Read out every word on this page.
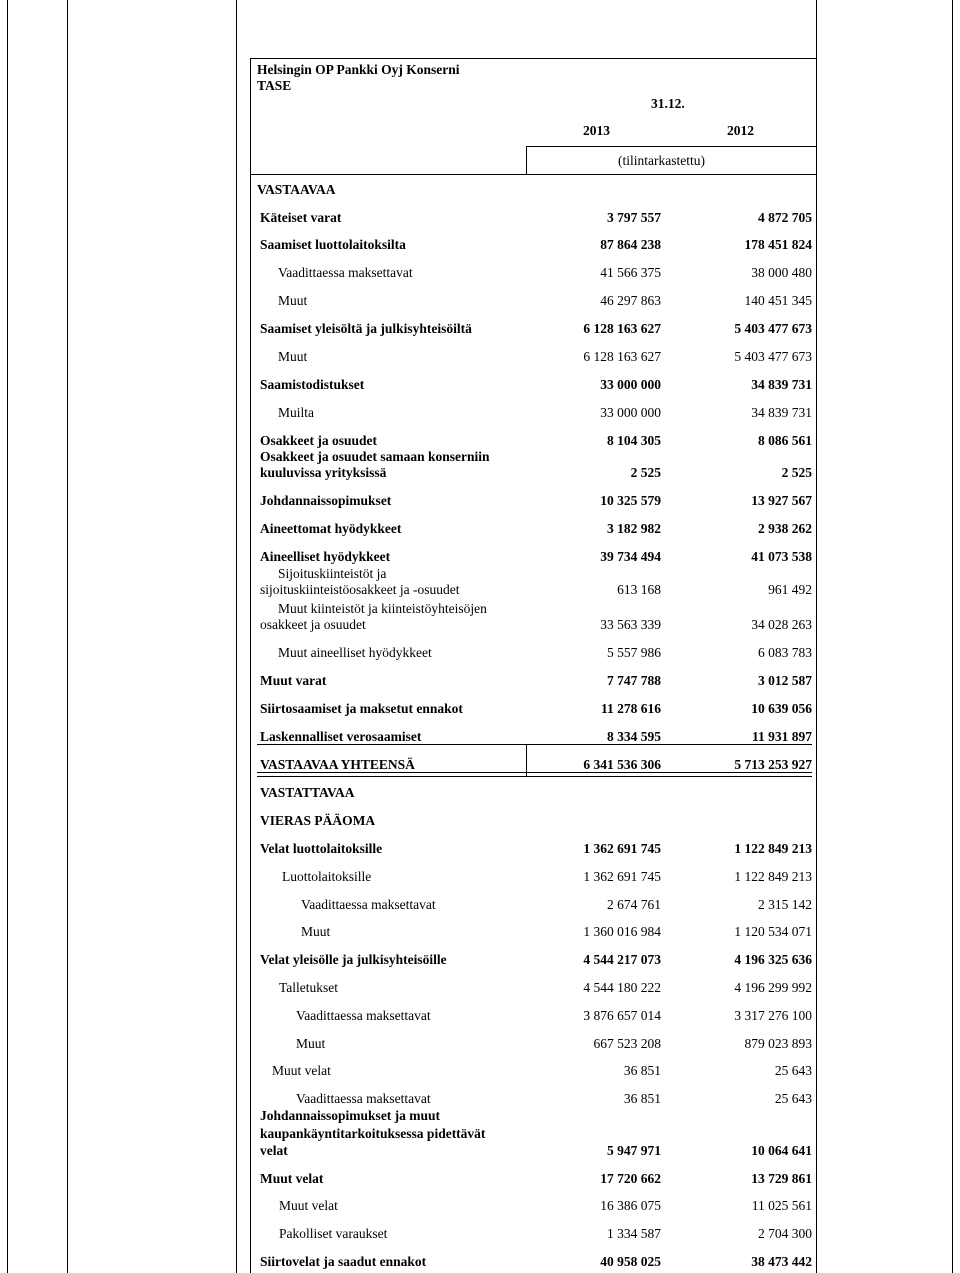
Helsingin OP Pankki Oyj Konserni
TASE
31.12.
2013	2012
(tilintarkastettu)
VASTAAVAA
Käteiset varat	3 797 557	4 872 705
Saamiset luottolaitoksilta	87 864 238	178 451 824
Vaadittaessa maksettavat	41 566 375	38 000 480
Muut	46 297 863	140 451 345
Saamiset yleisöltä ja julkisyhteisöiltä	6 128 163 627	5 403 477 673
Muut	6 128 163 627	5 403 477 673
Saamistodistukset	33 000 000	34 839 731
Muilta	33 000 000	34 839 731
Osakkeet ja osuudet	8 104 305	8 086 561
Osakkeet ja osuudet samaan konserniin
kuuluvissa yrityksissä	2 525	2 525
Johdannaissopimukset	10 325 579	13 927 567
Aineettomat hyödykkeet	3 182 982	2 938 262
Aineelliset hyödykkeet	39 734 494	41 073 538
Sijoituskiinteistöt ja
sijoituskiinteistöosakkeet ja -osuudet	613 168	961 492
Muut kiinteistöt ja kiinteistöyhteisöjen
osakkeet ja osuudet	33 563 339	34 028 263
Muut aineelliset hyödykkeet	5 557 986	6 083 783
Muut varat	7 747 788	3 012 587
Siirtosaamiset ja maksetut ennakot	11 278 616	10 639 056
Laskennalliset verosaamiset	8 334 595	11 931 897
VASTAAVAA YHTEENSÄ	6 341 536 306	5 713 253 927
VASTATTAVAA
VIERAS PÄÄOMA
Velat luottolaitoksille	1 362 691 745	1 122 849 213
Luottolaitoksille	1 362 691 745	1 122 849 213
Vaadittaessa maksettavat	2 674 761	2 315 142
Muut	1 360 016 984	1 120 534 071
Velat yleisölle ja julkisyhteisöille	4 544 217 073	4 196 325 636
Talletukset	4 544 180 222	4 196 299 992
Vaadittaessa maksettavat	3 876 657 014	3 317 276 100
Muut	667 523 208	879 023 893
Muut velat	36 851	25 643
Vaadittaessa maksettavat	36 851	25 643
Johdannaissopimukset ja muut
kaupankäyntitarkoituksessa pidettävät
velat	5 947 971	10 064 641
Muut velat	17 720 662	13 729 861
Muut velat	16 386 075	11 025 561
Pakolliset varaukset	1 334 587	2 704 300
Siirtovelat ja saadut ennakot	40 958 025	38 473 442
